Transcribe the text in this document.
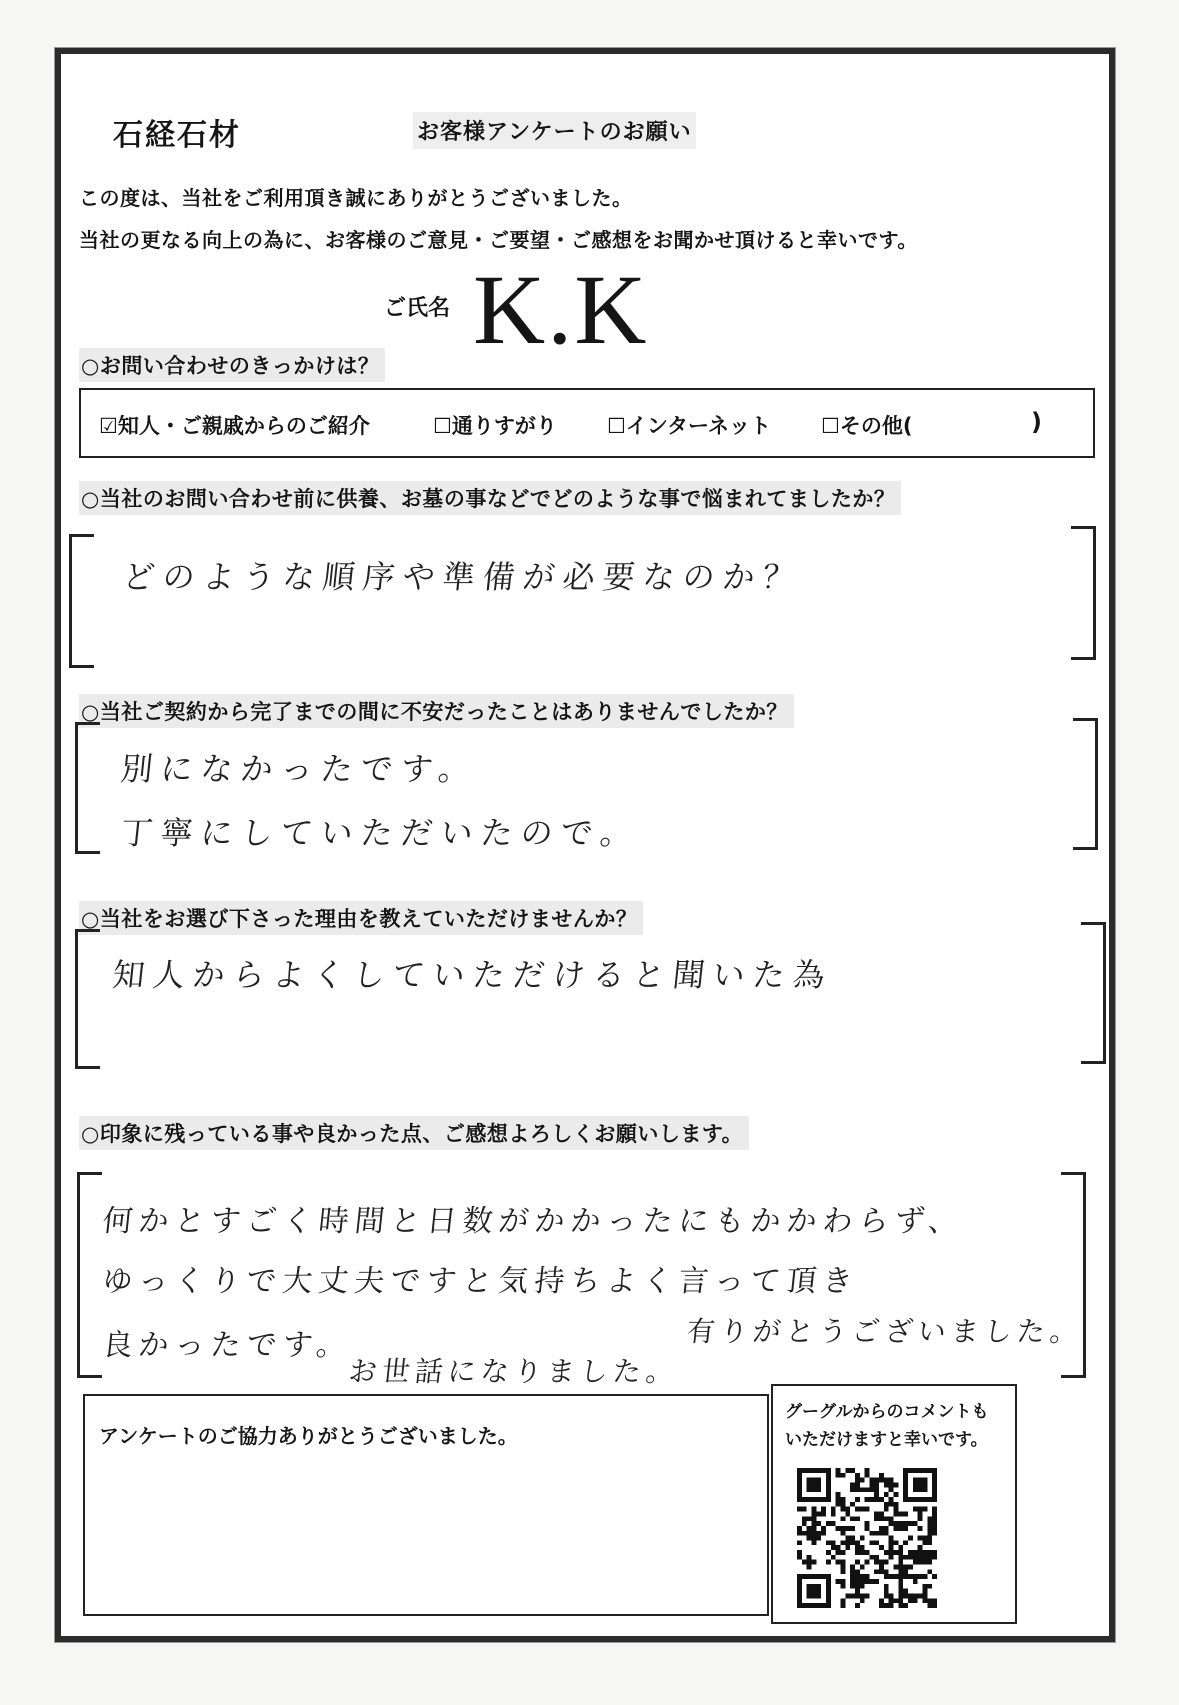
石経石材	お客様アンケートのお願い
この度は、当社をご利用頂き誠にありがとうございました。
当社の更なる向上の為に、お客様のご意見・ご要望・ご感想をお聞かせ頂けると幸いです。
ご氏名 K.K
○お問い合わせのきっかけは？
☑知人・ご親戚からのご紹介	☐通りすがり ☐インターネット ☐その他(	)
○当社のお問い合わせ前に供養、お墓の事などでどのような事で悩まれてましたか？
どのような順序や準備が必要なのか？
○当社ご契約から完了までの間に不安だったことはありませんでしたか？
別になかったです。
丁寧にしていただいたので。
○当社をお選び下さった理由を教えていただけませんか？
知人からよくしていただけると聞いた為
○印象に残っている事や良かった点、ご感想よろしくお願いします。
何かとすごく時間と日数がかかったにもかかわらず、
ゆっくりで大丈夫ですと気持ちよく言って頂き
良かったです。
お世話になりました。
有りがとうございました。
アンケートのご協力ありがとうございました。
グーグルからのコメントも
いただけますと幸いです。
